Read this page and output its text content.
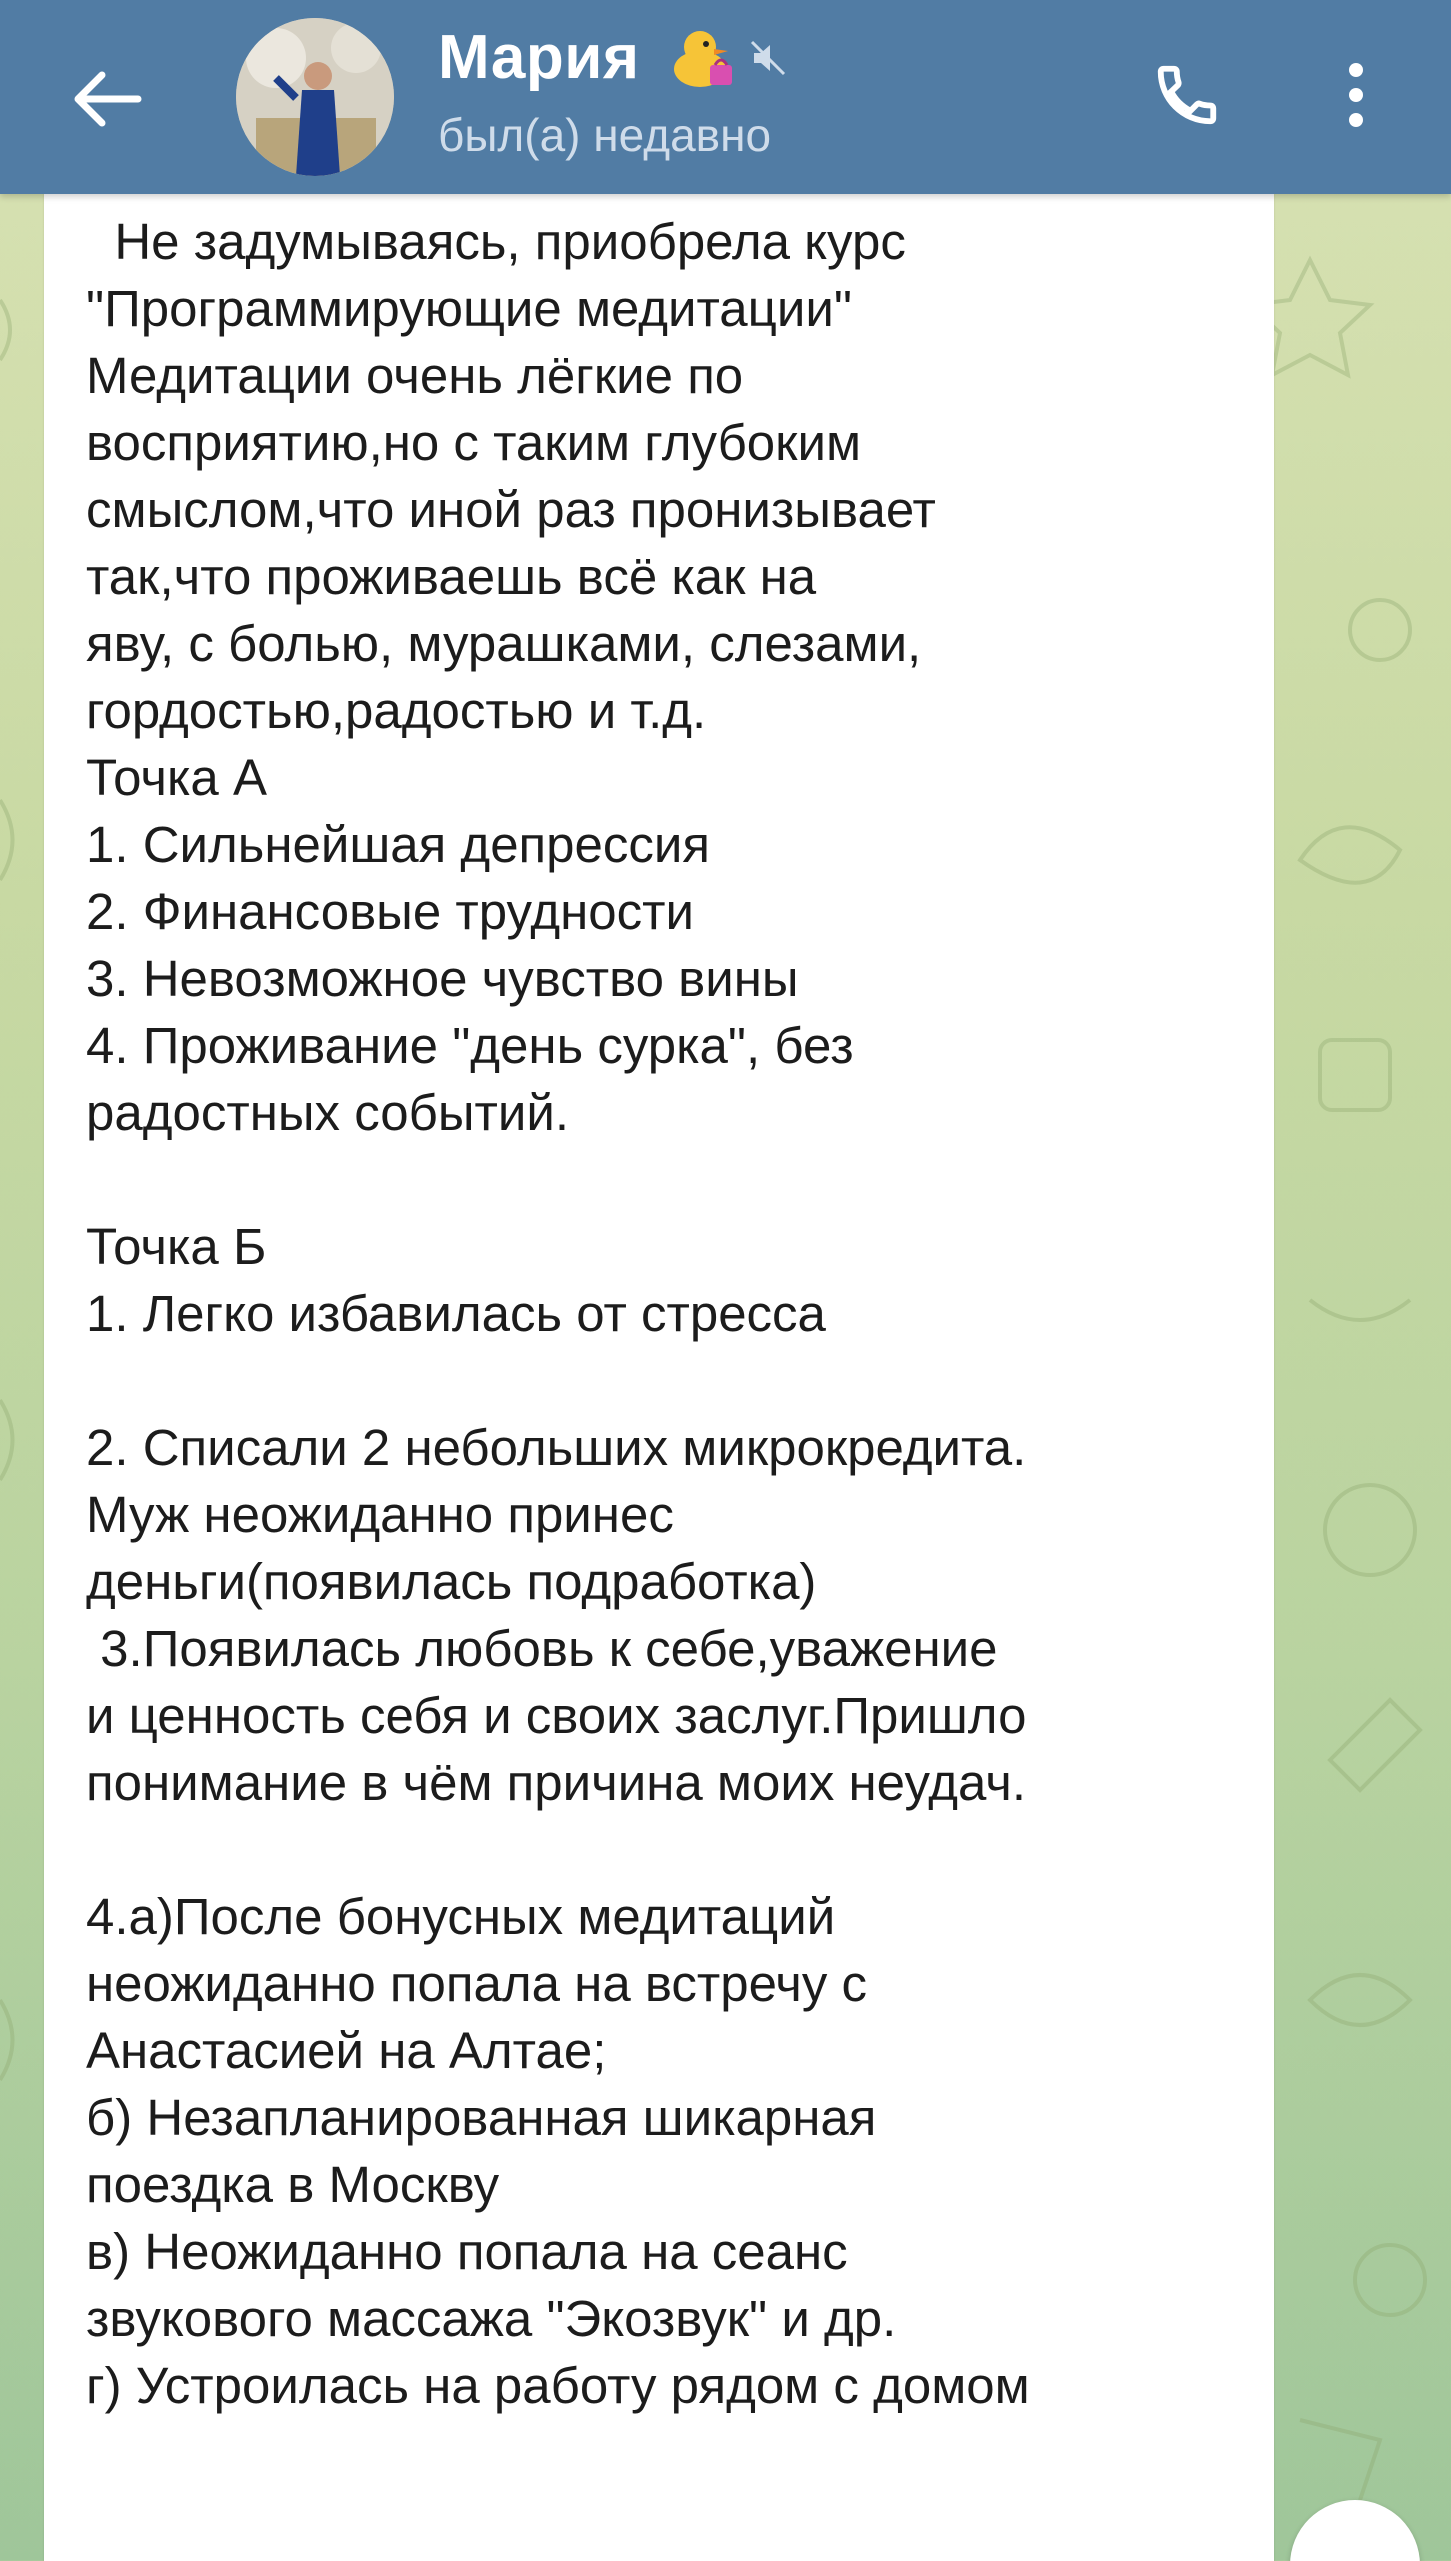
Мария
был(а) недавно
Не задумываясь, приобрела курс
"Программирующие медитации"
Медитации очень лёгкие по
восприятию,но с таким глубоким
смыслом,что иной раз пронизывает
так,что проживаешь всё как на
яву, с болью, мурашками, слезами,
гордостью,радостью и т.д.
Точка А
1. Сильнейшая депрессия
2. Финансовые трудности
3. Невозможное чувство вины
4. Проживание "день сурка", без
радостных событий.

Точка Б
1. Легко избавилась от стресса

2. Списали 2 небольших микрокредита.
Муж неожиданно принес
деньги(появилась подработка)
3.Появилась любовь к себе,уважение
и ценность себя и своих заслуг.Пришло
понимание в чём причина моих неудач.

4.а)После бонусных медитаций
неожиданно попала на встречу с
Анастасией на Алтае;
б) Незапланированная шикарная
поездка в Москву
в) Неожиданно попала на сеанс
звукового массажа "Экозвук" и др.
г) Устроилась на работу рядом с домом
